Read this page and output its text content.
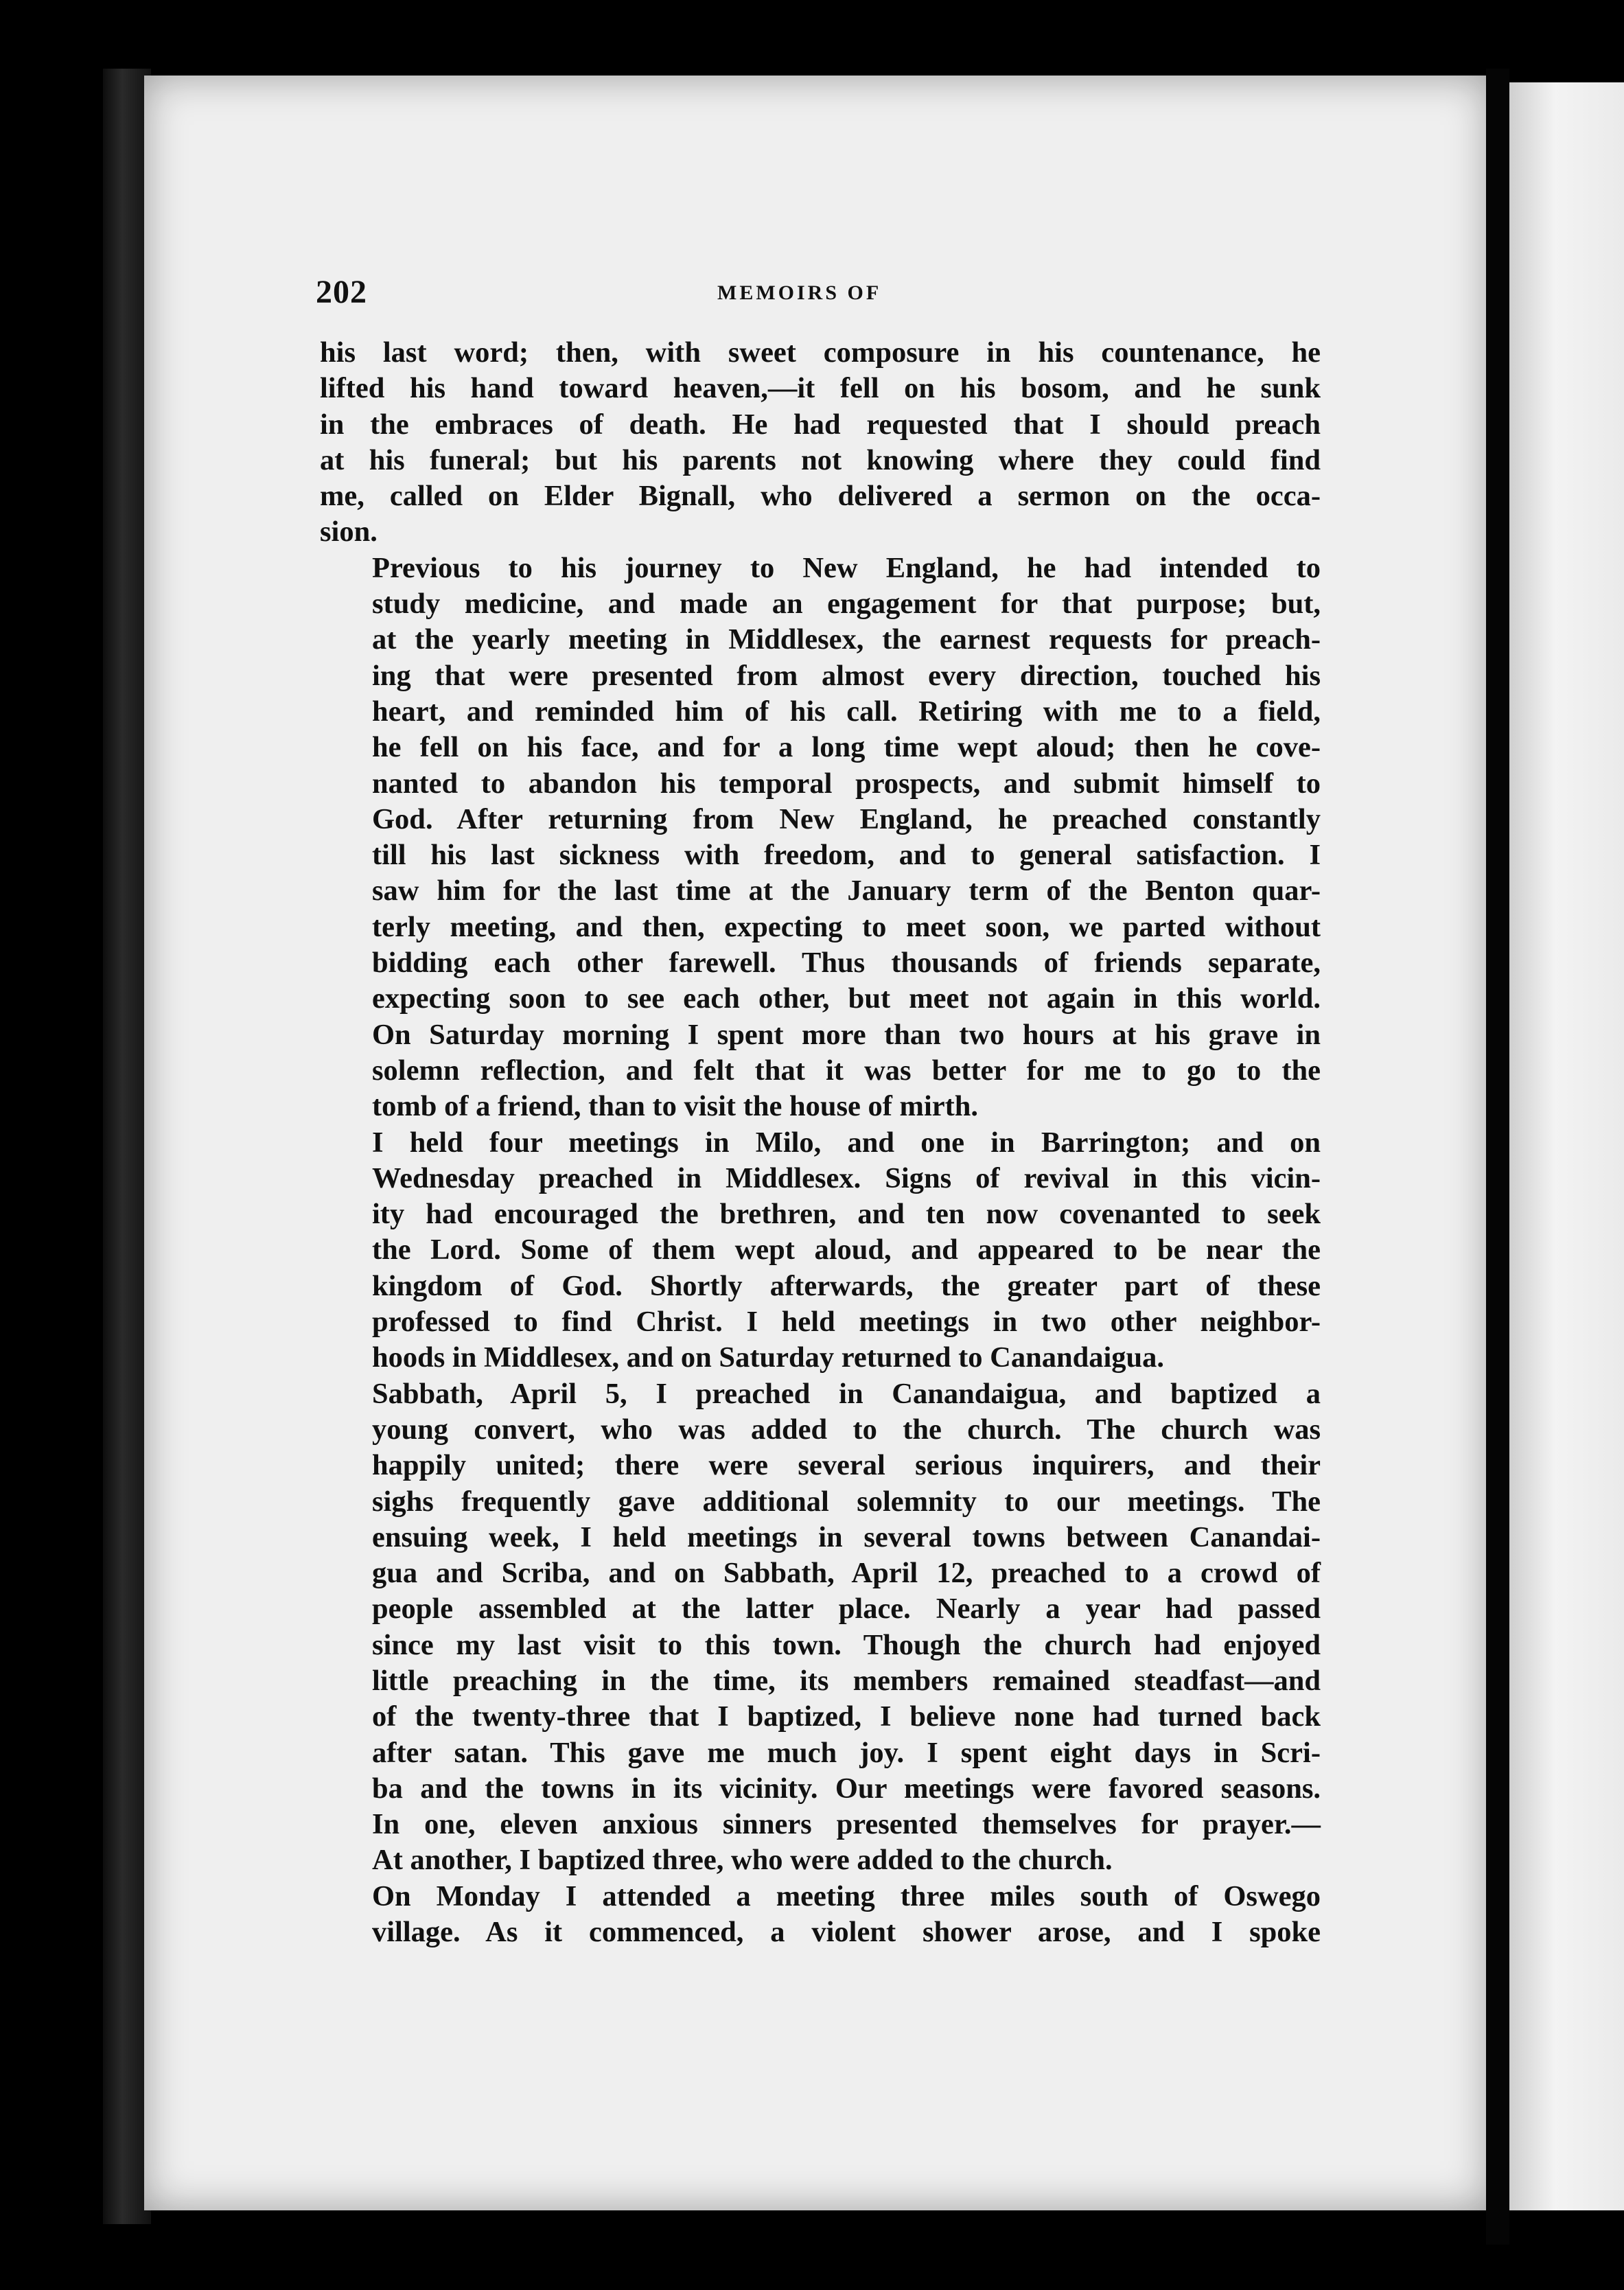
202	MEMOIRS OF

his last word; then, with sweet composure in his countenance, he
lifted his hand toward heaven,—it fell on his bosom, and he sunk
in the embraces of death. He had requested that I should preach
at his funeral; but his parents not knowing where they could find
me, called on Elder Bignall, who delivered a sermon on the occa-
sion.

Previous to his journey to New England, he had intended to
study medicine, and made an engagement for that purpose; but,
at the yearly meeting in Middlesex, the earnest requests for preach-
ing that were presented from almost every direction, touched his
heart, and reminded him of his call. Retiring with me to a field,
he fell on his face, and for a long time wept aloud; then he cove-
nanted to abandon his temporal prospects, and submit himself to
God. After returning from New England, he preached constantly
till his last sickness with freedom, and to general satisfaction. I
saw him for the last time at the January term of the Benton quar-
terly meeting, and then, expecting to meet soon, we parted without
bidding each other farewell. Thus thousands of friends separate,
expecting soon to see each other, but meet not again in this world.
On Saturday morning I spent more than two hours at his grave in
solemn reflection, and felt that it was better for me to go to the
tomb of a friend, than to visit the house of mirth.

I held four meetings in Milo, and one in Barrington; and on
Wednesday preached in Middlesex. Signs of revival in this vicin-
ity had encouraged the brethren, and ten now covenanted to seek
the Lord. Some of them wept aloud, and appeared to be near the
kingdom of God. Shortly afterwards, the greater part of these
professed to find Christ. I held meetings in two other neighbor-
hoods in Middlesex, and on Saturday returned to Canandaigua.

Sabbath, April 5, I preached in Canandaigua, and baptized a
young convert, who was added to the church. The church was
happily united; there were several serious inquirers, and their
sighs frequently gave additional solemnity to our meetings. The
ensuing week, I held meetings in several towns between Canandai-
gua and Scriba, and on Sabbath, April 12, preached to a crowd of
people assembled at the latter place. Nearly a year had passed
since my last visit to this town. Though the church had enjoyed
little preaching in the time, its members remained steadfast—and
of the twenty-three that I baptized, I believe none had turned back
after satan. This gave me much joy. I spent eight days in Scri-
ba and the towns in its vicinity. Our meetings were favored seasons.
In one, eleven anxious sinners presented themselves for prayer.—
At another, I baptized three, who were added to the church.

On Monday I attended a meeting three miles south of Oswego
village. As it commenced, a violent shower arose, and I spoke
